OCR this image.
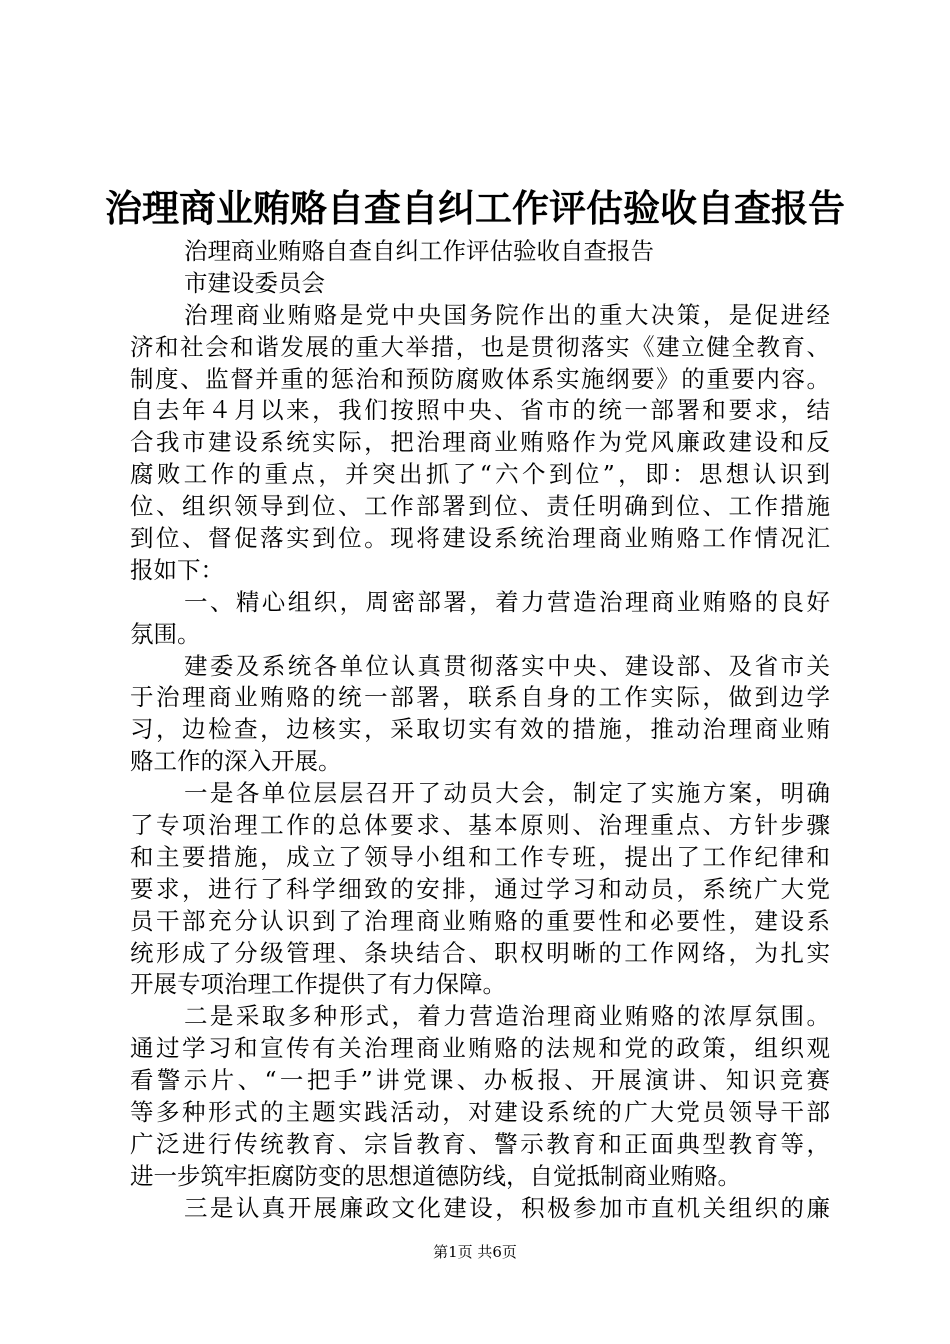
治理商业贿赂自查自纠工作评估验收自查报告
治理商业贿赂自查自纠工作评估验收自查报告
市建设委员会
治理商业贿赂是党中央国务院作出的重大决策，是促进经
济和社会和谐发展的重大举措，也是贯彻落实《建立健全教育、
制度、监督并重的惩治和预防腐败体系实施纲要》的重要内容。
自去年４月以来，我们按照中央、省市的统一部署和要求，结
合我市建设系统实际，把治理商业贿赂作为党风廉政建设和反
腐败工作的重点，并突出抓了“六个到位”，即：思想认识到
位、组织领导到位、工作部署到位、责任明确到位、工作措施
到位、督促落实到位。现将建设系统治理商业贿赂工作情况汇
报如下：
一、精心组织，周密部署，着力营造治理商业贿赂的良好
氛围。
建委及系统各单位认真贯彻落实中央、建设部、及省市关
于治理商业贿赂的统一部署，联系自身的工作实际，做到边学
习，边检查，边核实，采取切实有效的措施，推动治理商业贿
赂工作的深入开展。
一是各单位层层召开了动员大会，制定了实施方案，明确
了专项治理工作的总体要求、基本原则、治理重点、方针步骤
和主要措施，成立了领导小组和工作专班，提出了工作纪律和
要求，进行了科学细致的安排，通过学习和动员，系统广大党
员干部充分认识到了治理商业贿赂的重要性和必要性，建设系
统形成了分级管理、条块结合、职权明晰的工作网络，为扎实
开展专项治理工作提供了有力保障。
二是采取多种形式，着力营造治理商业贿赂的浓厚氛围。
通过学习和宣传有关治理商业贿赂的法规和党的政策，组织观
看警示片、“一把手”讲党课、办板报、开展演讲、知识竞赛
等多种形式的主题实践活动，对建设系统的广大党员领导干部
广泛进行传统教育、宗旨教育、警示教育和正面典型教育等，
进一步筑牢拒腐防变的思想道德防线，自觉抵制商业贿赂。
三是认真开展廉政文化建设，积极参加市直机关组织的廉
第1页 共6页
